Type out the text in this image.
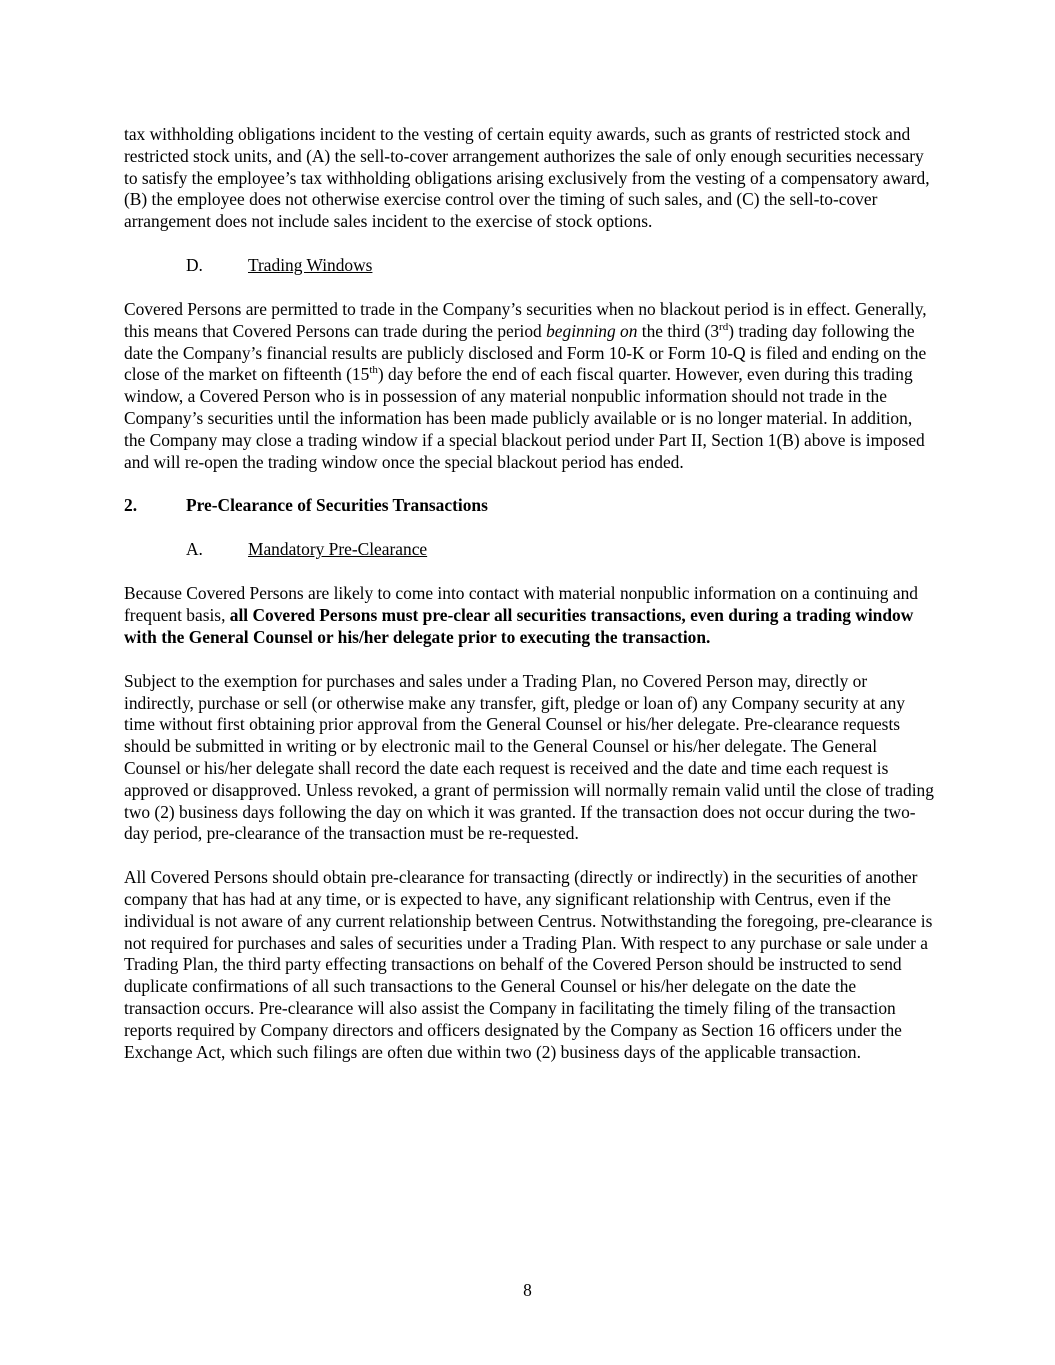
tax withholding obligations incident to the vesting of certain equity awards, such as grants of restricted stock and restricted stock units, and (A) the sell-to-cover arrangement authorizes the sale of only enough securities necessary to satisfy the employee’s tax withholding obligations arising exclusively from the vesting of a compensatory award, (B) the employee does not otherwise exercise control over the timing of such sales, and (C) the sell-to-cover arrangement does not include sales incident to the exercise of stock options.

D.	Trading Windows

Covered Persons are permitted to trade in the Company’s securities when no blackout period is in effect. Generally, this means that Covered Persons can trade during the period beginning on the third (3rd) trading day following the date the Company’s financial results are publicly disclosed and Form 10-K or Form 10-Q is filed and ending on the close of the market on fifteenth (15th) day before the end of each fiscal quarter. However, even during this trading window, a Covered Person who is in possession of any material nonpublic information should not trade in the Company’s securities until the information has been made publicly available or is no longer material. In addition, the Company may close a trading window if a special blackout period under Part II, Section 1(B) above is imposed and will re-open the trading window once the special blackout period has ended.

2.	Pre-Clearance of Securities Transactions
A.	Mandatory Pre-Clearance

Because Covered Persons are likely to come into contact with material nonpublic information on a continuing and frequent basis, all Covered Persons must pre-clear all securities transactions, even during a trading window with the General Counsel or his/her delegate prior to executing the transaction.

Subject to the exemption for purchases and sales under a Trading Plan, no Covered Person may, directly or indirectly, purchase or sell (or otherwise make any transfer, gift, pledge or loan of) any Company security at any time without first obtaining prior approval from the General Counsel or his/her delegate. Pre-clearance requests should be submitted in writing or by electronic mail to the General Counsel or his/her delegate. The General Counsel or his/her delegate shall record the date each request is received and the date and time each request is approved or disapproved. Unless revoked, a grant of permission will normally remain valid until the close of trading two (2) business days following the day on which it was granted. If the transaction does not occur during the two-day period, pre-clearance of the transaction must be re-requested.

All Covered Persons should obtain pre-clearance for transacting (directly or indirectly) in the securities of another company that has had at any time, or is expected to have, any significant relationship with Centrus, even if the individual is not aware of any current relationship between Centrus. Notwithstanding the foregoing, pre-clearance is not required for purchases and sales of securities under a Trading Plan. With respect to any purchase or sale under a Trading Plan, the third party effecting transactions on behalf of the Covered Person should be instructed to send duplicate confirmations of all such transactions to the General Counsel or his/her delegate on the date the transaction occurs. Pre-clearance will also assist the Company in facilitating the timely filing of the transaction reports required by Company directors and officers designated by the Company as Section 16 officers under the Exchange Act, which such filings are often due within two (2) business days of the applicable transaction.

8
